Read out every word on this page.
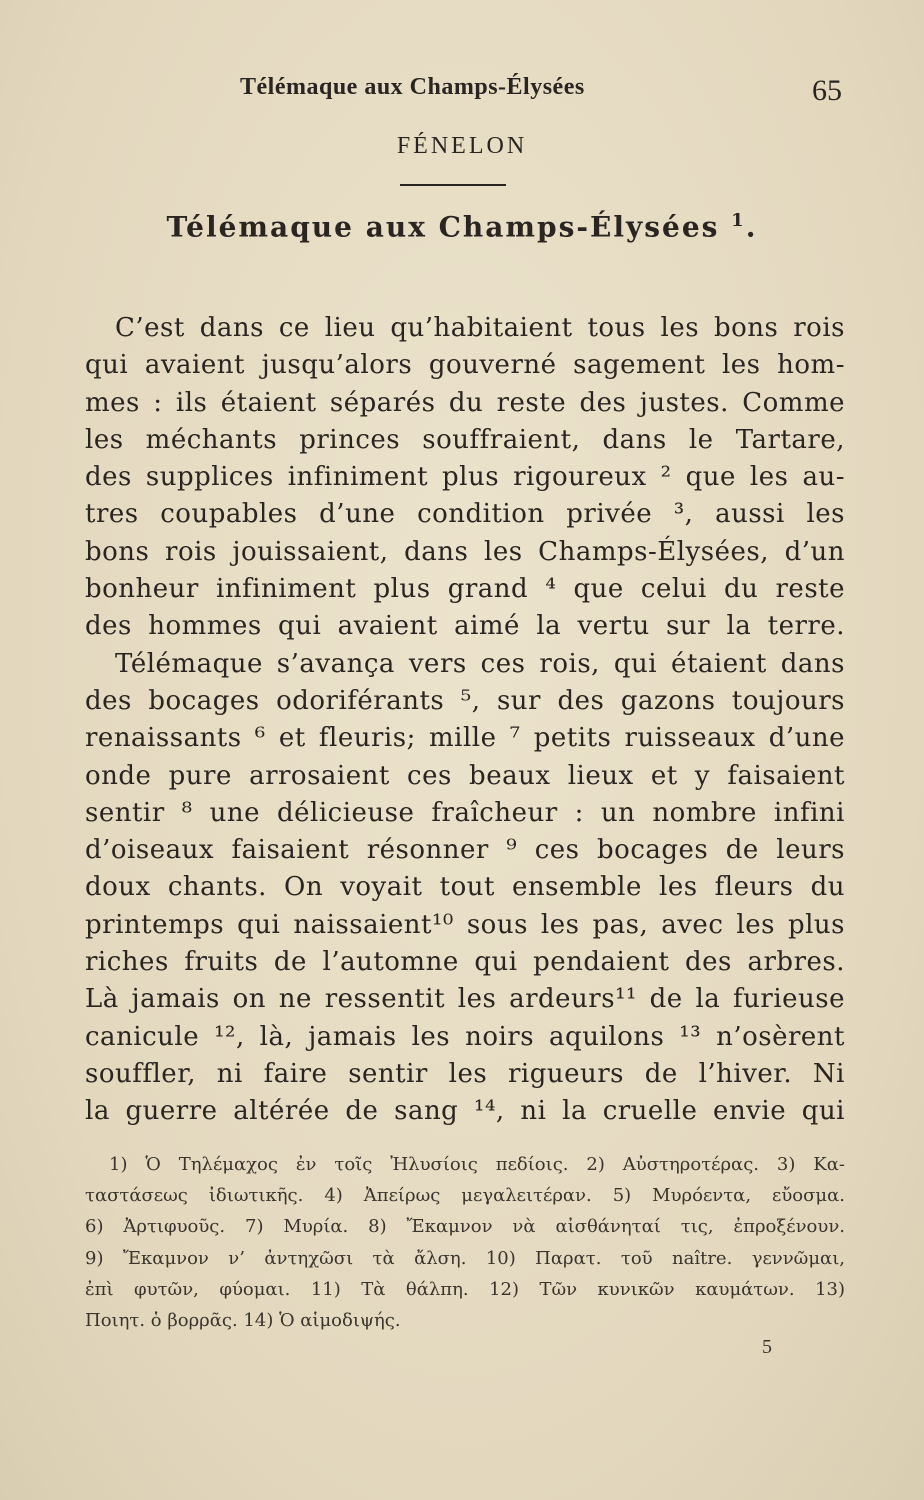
Télémaque aux Champs-Élysées	65
FÉNELON
Télémaque aux Champs-Élysées $^1$.
C’est dans ce lieu qu’habitaient tous les bons rois
qui avaient jusqu’alors gouverné sagement les hom-
mes : ils étaient séparés du reste des justes. Comme
les méchants princes souffraient, dans le Tartare,
des supplices infiniment plus rigoureux ² que les au-
tres coupables d’une condition privée ³, aussi les
bons rois jouissaient, dans les Champs-Élysées, d’un
bonheur infiniment plus grand ⁴ que celui du reste
des hommes qui avaient aimé la vertu sur la terre.
Télémaque s’avança vers ces rois, qui étaient dans
des bocages odoriférants ⁵, sur des gazons toujours
renaissants ⁶ et fleuris; mille ⁷ petits ruisseaux d’une
onde pure arrosaient ces beaux lieux et y faisaient
sentir ⁸ une délicieuse fraîcheur : un nombre infini
d’oiseaux faisaient résonner ⁹ ces bocages de leurs
doux chants. On voyait tout ensemble les fleurs du
printemps qui naissaient¹⁰ sous les pas, avec les plus
riches fruits de l’automne qui pendaient des arbres.
Là jamais on ne ressentit les ardeurs¹¹ de la furieuse
canicule ¹², là, jamais les noirs aquilons ¹³ n’osèrent
souffler, ni faire sentir les rigueurs de l’hiver. Ni
la guerre altérée de sang ¹⁴, ni la cruelle envie qui
1) Ὁ Τηλέμαχος ἐν τοῖς Ἠλυσίοις πεδίοις. 2) Αὐστηροτέρας. 3) Κα-
ταστάσεως ἰδιωτικῆς. 4) Ἀπείρως μεγαλειτέραν. 5) Μυρόεντα, εὔοσμα.
6) Ἀρτιφυοῦς. 7) Μυρία. 8) Ἔκαμνον νὰ αἰσθάνηταί τις, ἐπροξένουν.
9) Ἔκαμνον ν’ ἀντηχῶσι τὰ ἄλση. 10) Παρατ. τοῦ naître. γεννῶμαι,
ἐπὶ φυτῶν, φύομαι. 11) Τὰ θάλπη. 12) Τῶν κυνικῶν καυμάτων. 13)
Ποιητ. ὁ βορρᾶς. 14) Ὁ αἱμοδιψής.
5
